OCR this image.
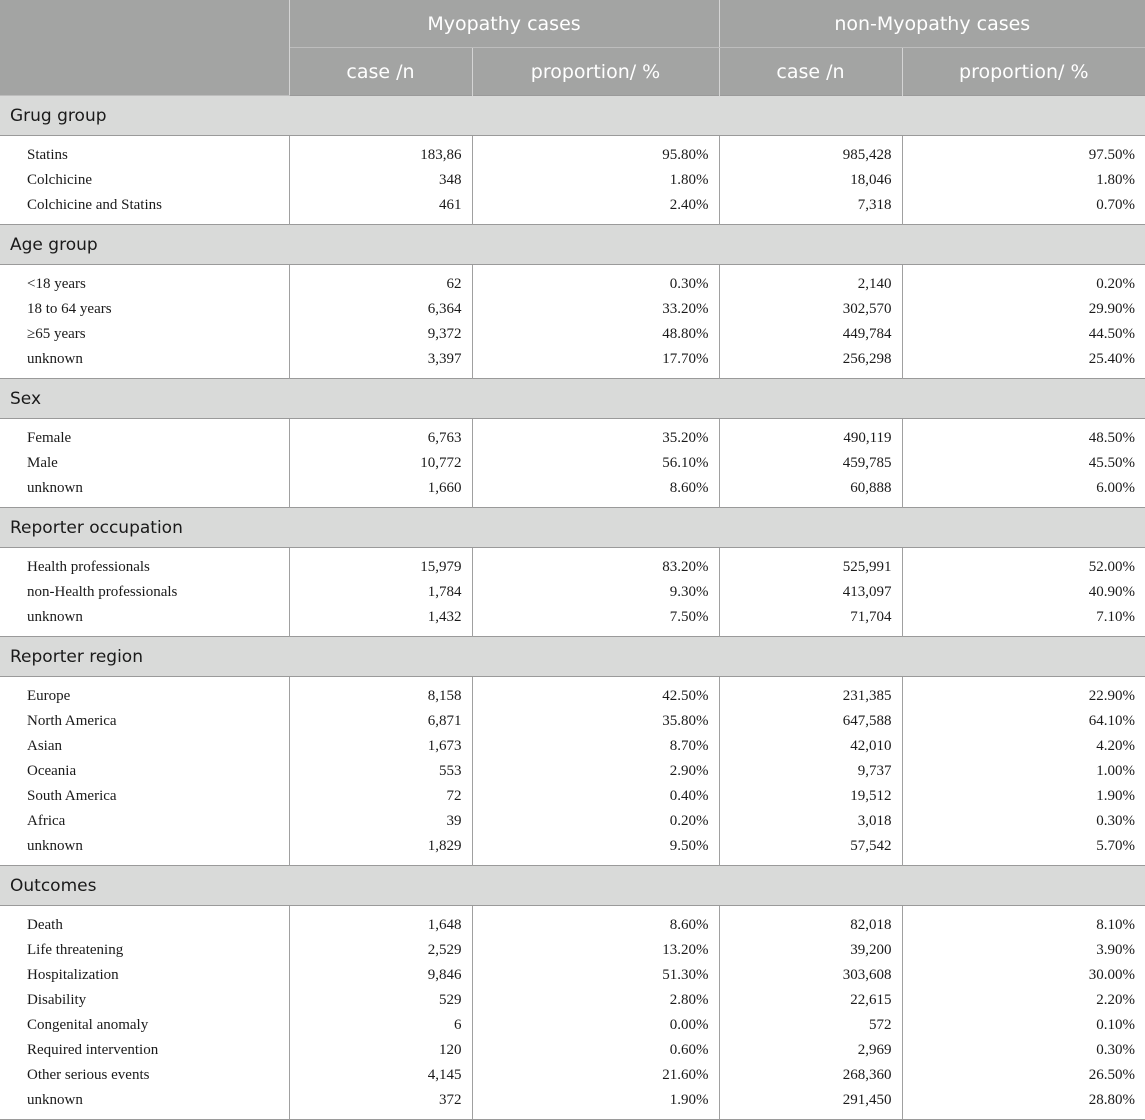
	Myopathy cases		non-Myopathy cases	
	case /n	proportion/ %	case /n	proportion/ %
Grug group				
Statins	183,86	95.80%	985,428	97.50%
Colchicine	348	1.80%	18,046	1.80%
Colchicine and Statins	461	2.40%	7,318	0.70%
Age group				
<18 years	62	0.30%	2,140	0.20%
18 to 64 years	6,364	33.20%	302,570	29.90%
≥65 years	9,372	48.80%	449,784	44.50%
unknown	3,397	17.70%	256,298	25.40%
Sex				
Female	6,763	35.20%	490,119	48.50%
Male	10,772	56.10%	459,785	45.50%
unknown	1,660	8.60%	60,888	6.00%
Reporter occupation				
Health professionals	15,979	83.20%	525,991	52.00%
non-Health professionals	1,784	9.30%	413,097	40.90%
unknown	1,432	7.50%	71,704	7.10%
Reporter region				
Europe	8,158	42.50%	231,385	22.90%
North America	6,871	35.80%	647,588	64.10%
Asian	1,673	8.70%	42,010	4.20%
Oceania	553	2.90%	9,737	1.00%
South America	72	0.40%	19,512	1.90%
Africa	39	0.20%	3,018	0.30%
unknown	1,829	9.50%	57,542	5.70%
Outcomes				
Death	1,648	8.60%	82,018	8.10%
Life threatening	2,529	13.20%	39,200	3.90%
Hospitalization	9,846	51.30%	303,608	30.00%
Disability	529	2.80%	22,615	2.20%
Congenital anomaly	6	0.00%	572	0.10%
Required intervention	120	0.60%	2,969	0.30%
Other serious events	4,145	21.60%	268,360	26.50%
unknown	372	1.90%	291,450	28.80%
